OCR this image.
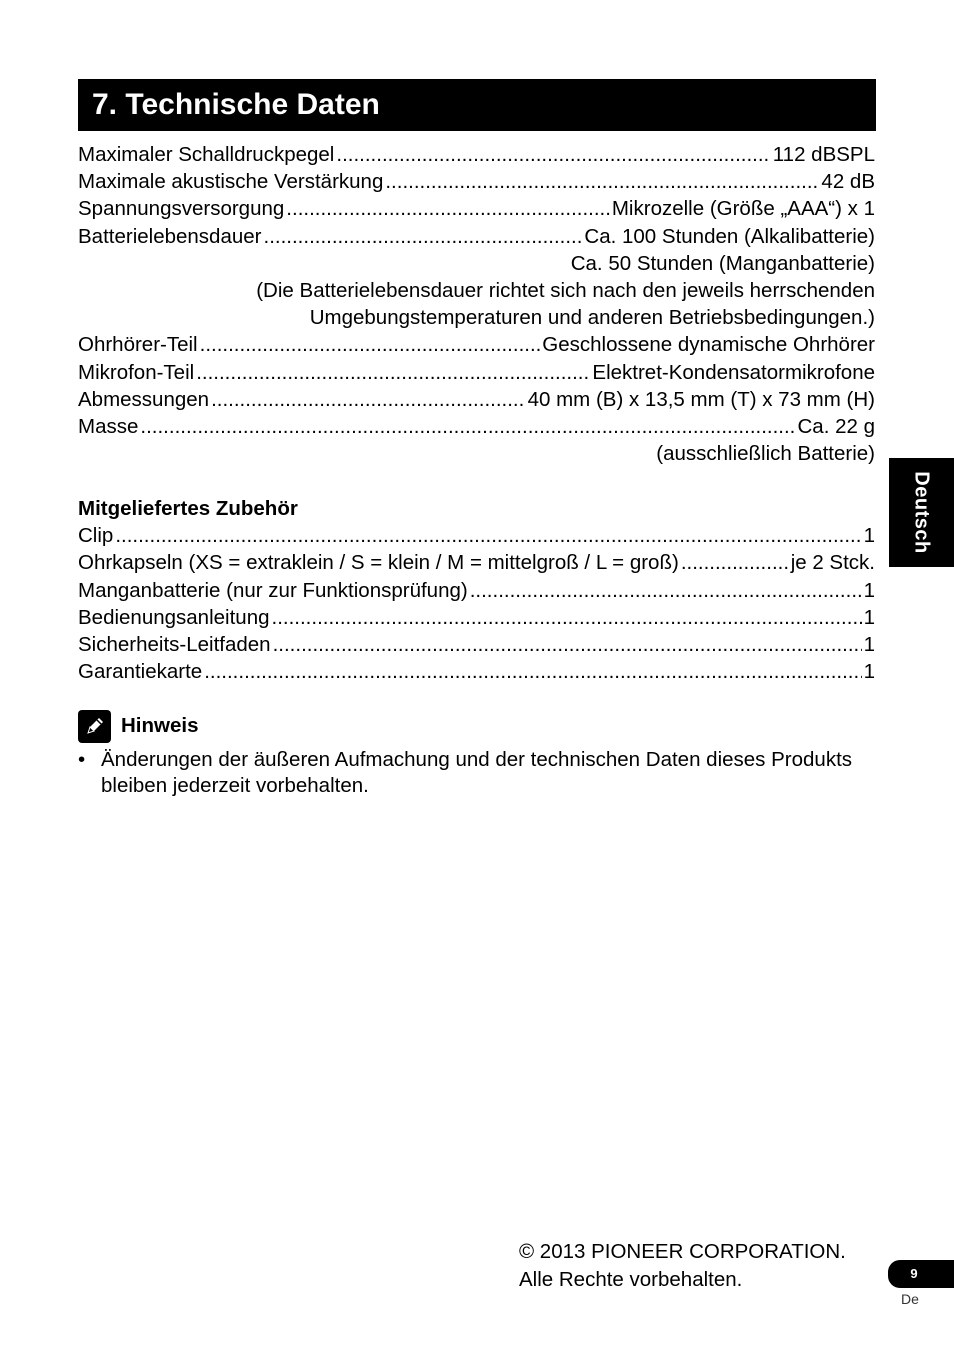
7. Technische Daten
Maximaler Schalldruckpegel .....	112 dBSPL
Maximale akustische Verstärkung .....	42 dB
Spannungsversorgung .....	Mikrozelle (Größe „AAA“) x 1
Batterielebensdauer .....	Ca. 100 Stunden (Alkalibatterie)
Ca. 50 Stunden (Manganbatterie)
(Die Batterielebensdauer richtet sich nach den jeweils herrschenden
Umgebungstemperaturen und anderen Betriebsbedingungen.)
Ohrhörer-Teil .....	Geschlossene dynamische Ohrhörer
Mikrofon-Teil .....	Elektret-Kondensatormikrofone
Abmessungen .....	40 mm (B) x 13,5 mm (T) x 73 mm (H)
Masse .....	Ca. 22 g
(ausschließlich Batterie)
Mitgeliefertes Zubehör
Clip .....	1
Ohrkapseln (XS = extraklein / S = klein / M = mittelgroß / L = groß) .....	je 2 Stck.
Manganbatterie (nur zur Funktionsprüfung) .....	1
Bedienungsanleitung .....	1
Sicherheits-Leitfaden .....	1
Garantiekarte .....	1
Hinweis
• Änderungen der äußeren Aufmachung und der technischen Daten dieses Produkts bleiben jederzeit vorbehalten.
Deutsch
© 2013 PIONEER CORPORATION.
Alle Rechte vorbehalten.	9
De
